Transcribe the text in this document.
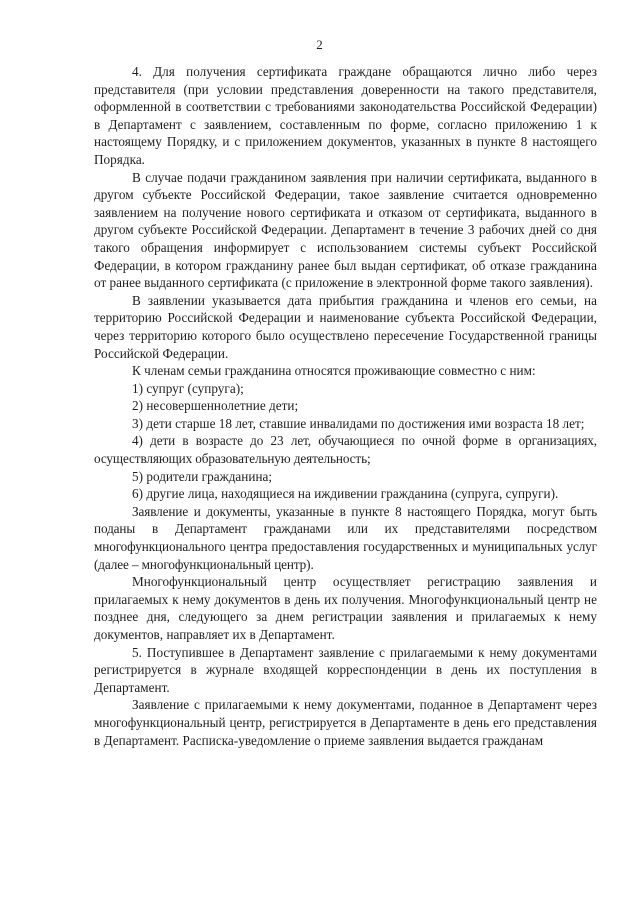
2

4. Для получения сертификата граждане обращаются лично либо через представителя (при условии представления доверенности на такого представителя, оформленной в соответствии с требованиями законодательства Российской Федерации) в Департамент с заявлением, составленным по форме, согласно приложению 1 к настоящему Порядку, и с приложением документов, указанных в пункте 8 настоящего Порядка.

В случае подачи гражданином заявления при наличии сертификата, выданного в другом субъекте Российской Федерации, такое заявление считается одновременно заявлением на получение нового сертификата и отказом от сертификата, выданного в другом субъекте Российской Федерации. Департамент в течение 3 рабочих дней со дня такого обращения информирует с использованием системы субъект Российской Федерации, в котором гражданину ранее был выдан сертификат, об отказе гражданина от ранее выданного сертификата (с приложение в электронной форме такого заявления).

В заявлении указывается дата прибытия гражданина и членов его семьи, на территорию Российской Федерации и наименование субъекта Российской Федерации, через территорию которого было осуществлено пересечение Государственной границы Российской Федерации.

К членам семьи гражданина относятся проживающие совместно с ним:

1) супруг (супруга);

2) несовершеннолетние дети;

3) дети старше 18 лет, ставшие инвалидами по достижения ими возраста 18 лет;

4) дети в возрасте до 23 лет, обучающиеся по очной форме в организациях, осуществляющих образовательную деятельность;

5) родители гражданина;

6) другие лица, находящиеся на иждивении гражданина (супруга, супруги).

Заявление и документы, указанные в пункте 8 настоящего Порядка, могут быть поданы в Департамент гражданами или их представителями посредством многофункционального центра предоставления государственных и муниципальных услуг (далее – многофункциональный центр).

Многофункциональный центр осуществляет регистрацию заявления и прилагаемых к нему документов в день их получения. Многофункциональный центр не позднее дня, следующего за днем регистрации заявления и прилагаемых к нему документов, направляет их в Департамент.

5. Поступившее в Департамент заявление с прилагаемыми к нему документами регистрируется в журнале входящей корреспонденции в день их поступления в Департамент.

Заявление с прилагаемыми к нему документами, поданное в Департамент через многофункциональный центр, регистрируется в Департаменте в день его представления в Департамент. Расписка-уведомление о приеме заявления выдается гражданам
